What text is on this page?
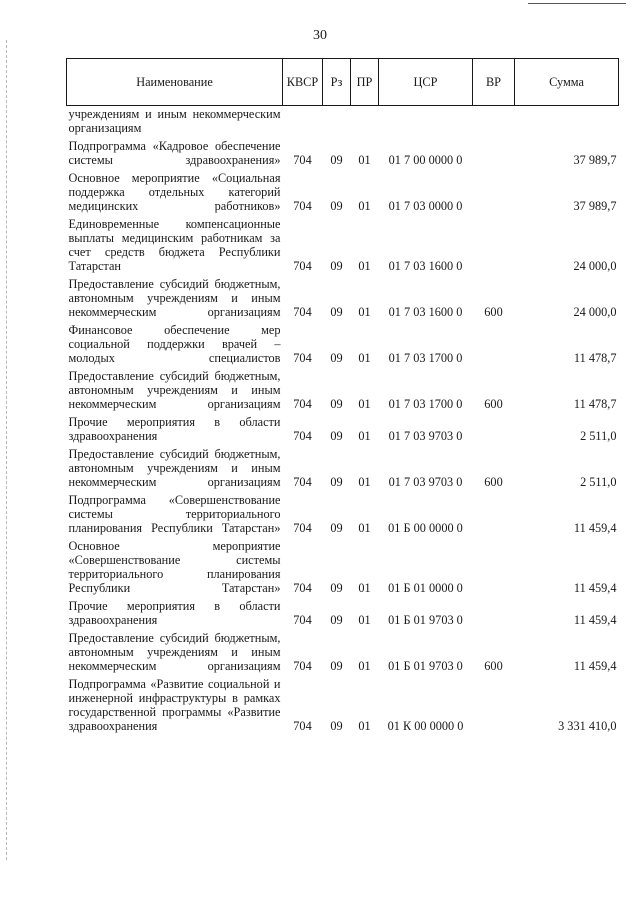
30
Наименование	КВСР	Рз	ПР	ЦСР	ВР	Сумма
учреждениям и иным некоммерческим организациям						
Подпрограмма «Кадровое обеспечение системы здравоохранения»	704	09	01	01 7 00 0000 0		37 989,7
Основное мероприятие «Социальная поддержка отдельных категорий медицинских работников»	704	09	01	01 7 03 0000 0		37 989,7
Единовременные компенсационные выплаты медицинским работникам за счет средств бюджета Республики Татарстан	704	09	01	01 7 03 1600 0		24 000,0
Предоставление субсидий бюджетным, автономным учреждениям и иным некоммерческим организациям	704	09	01	01 7 03 1600 0	600	24 000,0
Финансовое обеспечение мер социальной поддержки врачей – молодых специалистов	704	09	01	01 7 03 1700 0		11 478,7
Предоставление субсидий бюджетным, автономным учреждениям и иным некоммерческим организациям	704	09	01	01 7 03 1700 0	600	11 478,7
Прочие мероприятия в области здравоохранения	704	09	01	01 7 03 9703 0		2 511,0
Предоставление субсидий бюджетным, автономным учреждениям и иным некоммерческим организациям	704	09	01	01 7 03 9703 0	600	2 511,0
Подпрограмма «Совершенствование системы территориального планирования Республики Татарстан»	704	09	01	01 Б 00 0000 0		11 459,4
Основное мероприятие «Совершенствование системы территориального планирования Республики Татарстан»	704	09	01	01 Б 01 0000 0		11 459,4
Прочие мероприятия в области здравоохранения	704	09	01	01 Б 01 9703 0		11 459,4
Предоставление субсидий бюджетным, автономным учреждениям и иным некоммерческим организациям	704	09	01	01 Б 01 9703 0	600	11 459,4
Подпрограмма «Развитие социальной и инженерной инфраструктуры в рамках государственной программы «Развитие здравоохранения	704	09	01	01 К 00 0000 0		3 331 410,0
